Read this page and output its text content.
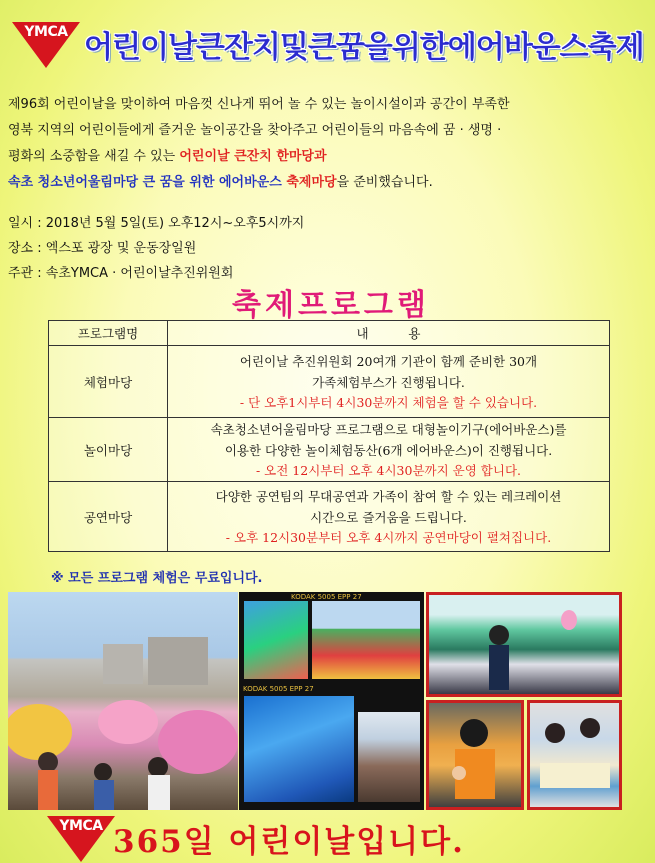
YMCA 어린이날큰잔치및큰꿈을위한에어바운스축제
제96회 어린이날을 맞이하여 마음껏 신나게 뛰어 놀 수 있는 놀이시설이과 공간이 부족한
영북 지역의 어린이들에게 즐거운 놀이공간을 찾아주고 어린이들의 마음속에 꿈 · 생명 ·
평화의 소중함을 새길 수 있는 어린이날 큰잔치 한마당과
속초 청소년어울림마당 큰 꿈을 위한 에어바운스 축제마당을 준비했습니다.
일시 : 2018년 5월 5일(토) 오후12시~오후5시까지
장소 : 엑스포 광장 및 운동장일원
주관 : 속초YMCA · 어린이날추진위원회
축제프로그램
프로그램명	내          용
체험마당	어린이날 추진위원회 20여개 기관이 함께 준비한 30개
가족체험부스가 진행됩니다.
- 단 오후1시부터 4시30분까지 체험을 할 수 있습니다.

놀이마당	속초청소년어울림마당 프로그램으로 대형놀이기구(에어바운스)를
이용한 다양한 놀이체험동산(6개 에어바운스)이 진행됩니다.
- 오전 12시부터 오후 4시30분까지 운영 합니다.

공연마당	다양한 공연팀의 무대공연과 가족이 참여 할 수 있는 레크레이션
시간으로 즐거움을 드립니다.
- 오후 12시30분부터 오후 4시까지 공연마당이 펼쳐집니다.
※ 모든 프로그램 체험은 무료입니다.
KODAK 5005 EPP 27
KODAK 5005 EPP 27
YMCA 365일 어린이날입니다.
